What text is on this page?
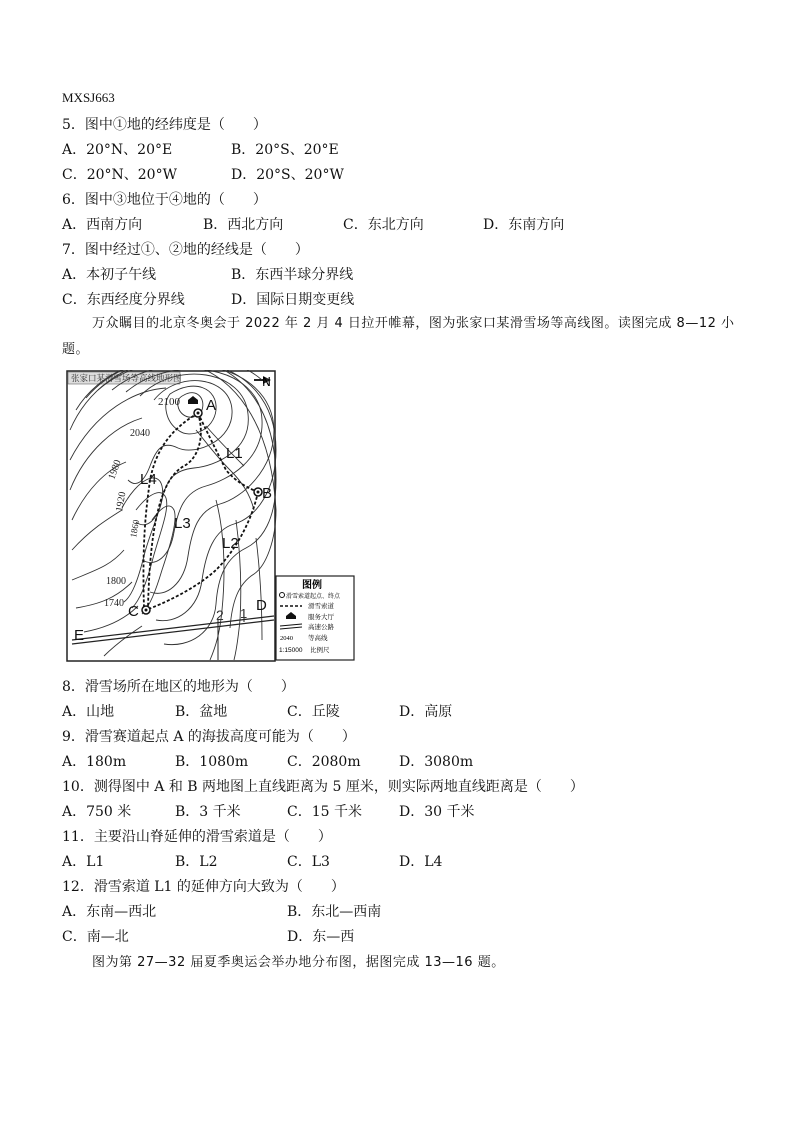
MXSJ663
5．图中①地的经纬度是（　　）
A．20°N、20°E	B．20°S、20°E
C．20°N、20°W	D．20°S、20°W
6．图中③地位于④地的（　　）
A．西南方向	B．西北方向	C．东北方向	D．东南方向
7．图中经过①、②地的经线是（　　）
A．本初子午线	B．东西半球分界线
C．东西经度分界线	D．国际日期变更线
万众瞩目的北京冬奥会于 2022 年 2 月 4 日拉开帷幕，图为张家口某滑雪场等高线图。读图完成 8—12 小
题。
张家口某滑雪场等高线地形图	N
2100
2040
1980
1920
1860
1800
1740
A
B
C	D
E
L1
L2
L3
L4
2 1
图例
滑雪索道起点、终点
滑雪索道
服务大厅
高速公路
2040 等高线
1:15000 比例尺
8．滑雪场所在地区的地形为（　　）
A．山地	B．盆地	C．丘陵	D．高原
9．滑雪赛道起点 A 的海拔高度可能为（　　）
A．180m	B．1080m	C．2080m	D．3080m
10．测得图中 A 和 B 两地图上直线距离为 5 厘米，则实际两地直线距离是（　　）
A．750 米	B．3 千米	C．15 千米	D．30 千米
11．主要沿山脊延伸的滑雪索道是（　　）
A．L1	B．L2	C．L3	D．L4
12．滑雪索道 L1 的延伸方向大致为（　　）
A．东南—西北	B．东北—西南
C．南—北	D．东—西
图为第 27—32 届夏季奥运会举办地分布图，据图完成 13—16 题。
